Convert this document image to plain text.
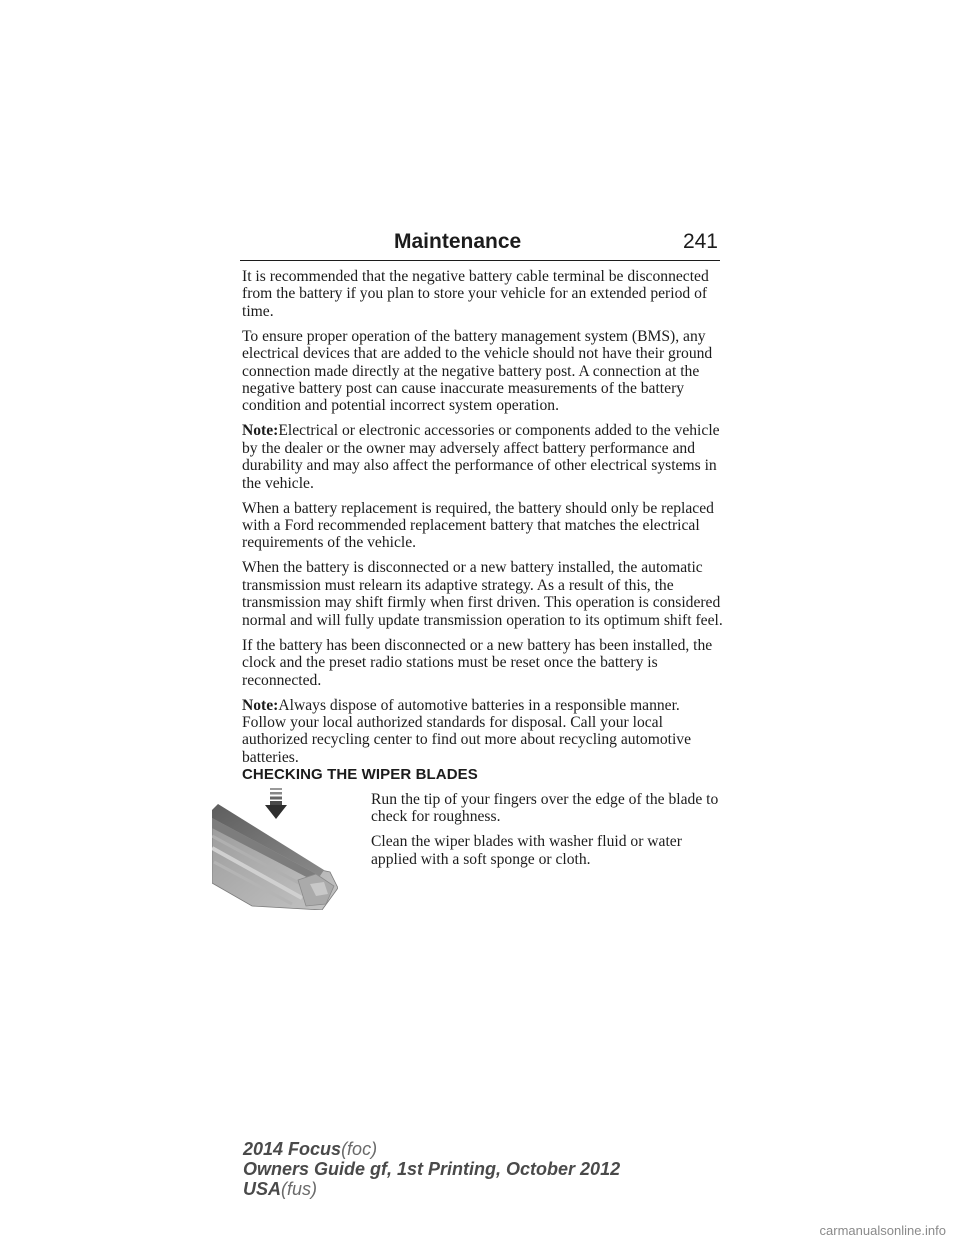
Maintenance	241

It is recommended that the negative battery cable terminal be disconnected from the battery if you plan to store your vehicle for an extended period of time.

To ensure proper operation of the battery management system (BMS), any electrical devices that are added to the vehicle should not have their ground connection made directly at the negative battery post. A connection at the negative battery post can cause inaccurate measurements of the battery condition and potential incorrect system operation.

Note:Electrical or electronic accessories or components added to the vehicle by the dealer or the owner may adversely affect battery performance and durability and may also affect the performance of other electrical systems in the vehicle.

When a battery replacement is required, the battery should only be replaced with a Ford recommended replacement battery that matches the electrical requirements of the vehicle.

When the battery is disconnected or a new battery installed, the automatic transmission must relearn its adaptive strategy. As a result of this, the transmission may shift firmly when first driven. This operation is considered normal and will fully update transmission operation to its optimum shift feel.

If the battery has been disconnected or a new battery has been installed, the clock and the preset radio stations must be reset once the battery is reconnected.

Note:Always dispose of automotive batteries in a responsible manner. Follow your local authorized standards for disposal. Call your local authorized recycling center to find out more about recycling automotive batteries.

CHECKING THE WIPER BLADES

Run the tip of your fingers over the edge of the blade to check for roughness.

Clean the wiper blades with washer fluid or water applied with a soft sponge or cloth.

2014 Focus(foc)
Owners Guide gf, 1st Printing, October 2012
USA(fus)
carmanualsonline.info
